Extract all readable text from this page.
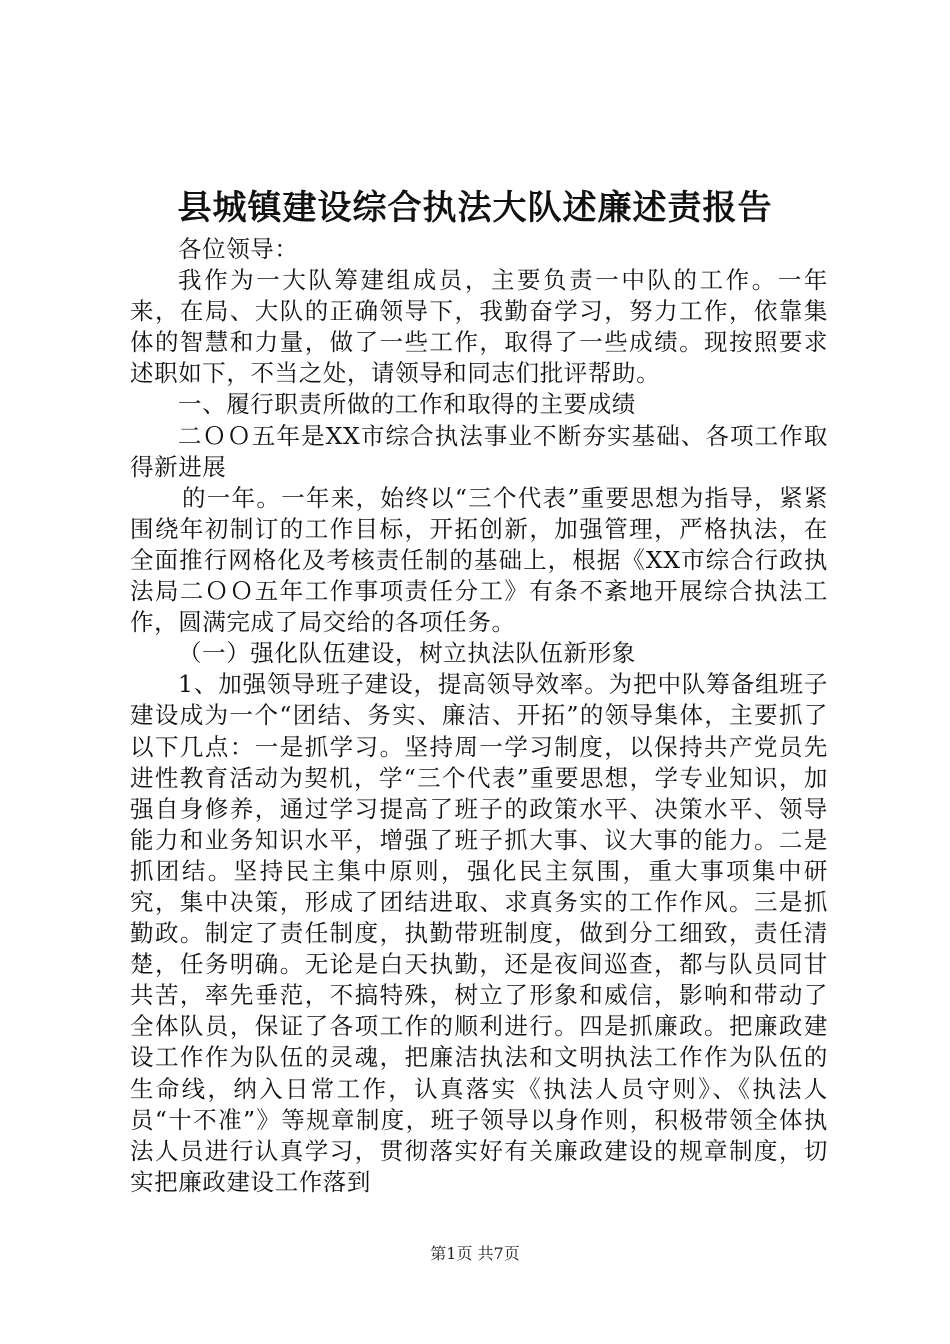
县城镇建设综合执法大队述廉述责报告

各位领导：

我作为一大队筹建组成员，主要负责一中队的工作。一年来，在局、大队的正确领导下，我勤奋学习，努力工作，依靠集体的智慧和力量，做了一些工作，取得了一些成绩。现按照要求述职如下，不当之处，请领导和同志们批评帮助。

一、履行职责所做的工作和取得的主要成绩

二ＯＯ五年是XX市综合执法事业不断夯实基础、各项工作取得新进展

的一年。一年来，始终以“三个代表”重要思想为指导，紧紧围绕年初制订的工作目标，开拓创新，加强管理，严格执法，在全面推行网格化及考核责任制的基础上，根据《XX市综合行政执法局二ＯＯ五年工作事项责任分工》有条不紊地开展综合执法工作，圆满完成了局交给的各项任务。

（一）强化队伍建设，树立执法队伍新形象

1、加强领导班子建设，提高领导效率。为把中队筹备组班子建设成为一个“团结、务实、廉洁、开拓”的领导集体，主要抓了以下几点：一是抓学习。坚持周一学习制度，以保持共产党员先进性教育活动为契机，学“三个代表”重要思想，学专业知识，加强自身修养，通过学习提高了班子的政策水平、决策水平、领导能力和业务知识水平，增强了班子抓大事、议大事的能力。二是抓团结。坚持民主集中原则，强化民主氛围，重大事项集中研究，集中决策，形成了团结进取、求真务实的工作作风。三是抓勤政。制定了责任制度，执勤带班制度，做到分工细致，责任清楚，任务明确。无论是白天执勤，还是夜间巡查，都与队员同甘共苦，率先垂范，不搞特殊，树立了形象和威信，影响和带动了全体队员，保证了各项工作的顺利进行。四是抓廉政。把廉政建设工作作为队伍的灵魂，把廉洁执法和文明执法工作作为队伍的生命线，纳入日常工作，认真落实《执法人员守则》、《执法人员“十不准”》等规章制度，班子领导以身作则，积极带领全体执法人员进行认真学习，贯彻落实好有关廉政建设的规章制度，切实把廉政建设工作落到

第1页 共7页
